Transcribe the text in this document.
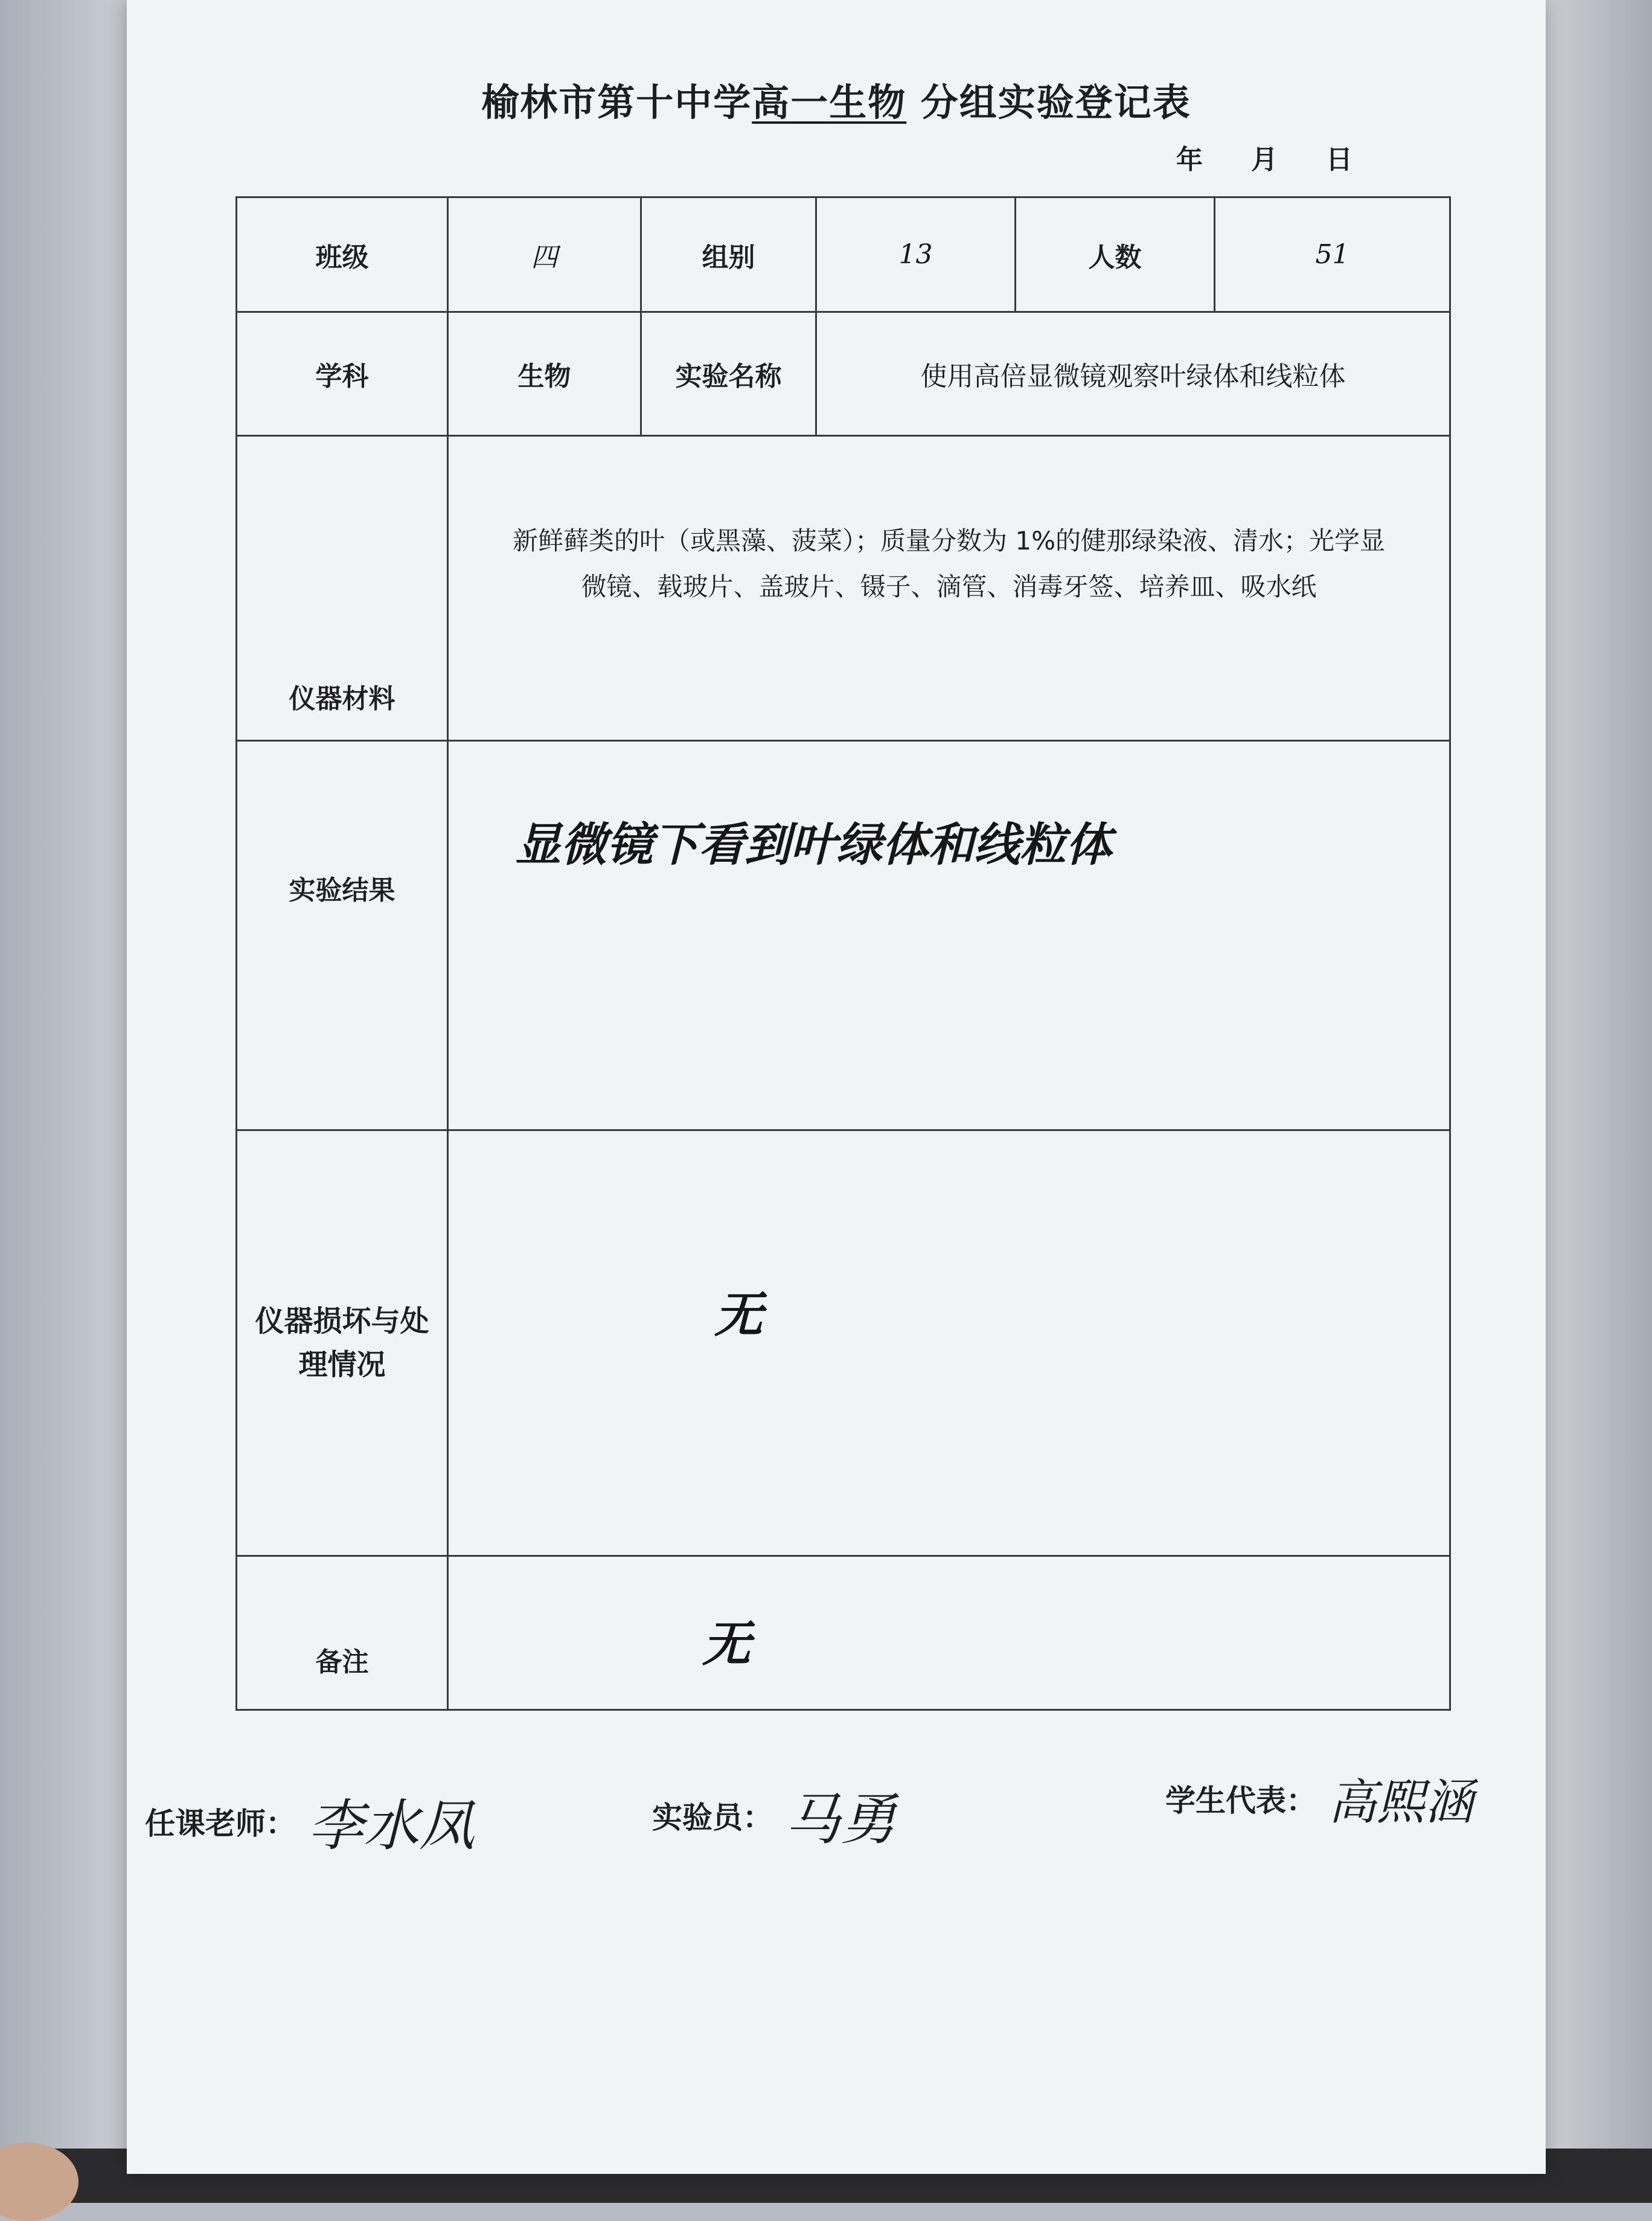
榆林市第十中学高一生物 分组实验登记表
年 月 日
班级	四	组别	13	人数	51
学科	生物	实验名称	使用高倍显微镜观察叶绿体和线粒体		
仪器材料	新鲜藓类的叶（或黑藻、菠菜）；质量分数为 1%的健那绿染液、清水；光学显
微镜、载玻片、盖玻片、镊子、滴管、消毒牙签、培养皿、吸水纸				

实验结果	显微镜下看到叶绿体和线粒体				

仪器损坏与处
理情况	无				

备注	无				
任课老师： 李水凤	实验员： 马勇	学生代表： 高熙涵
